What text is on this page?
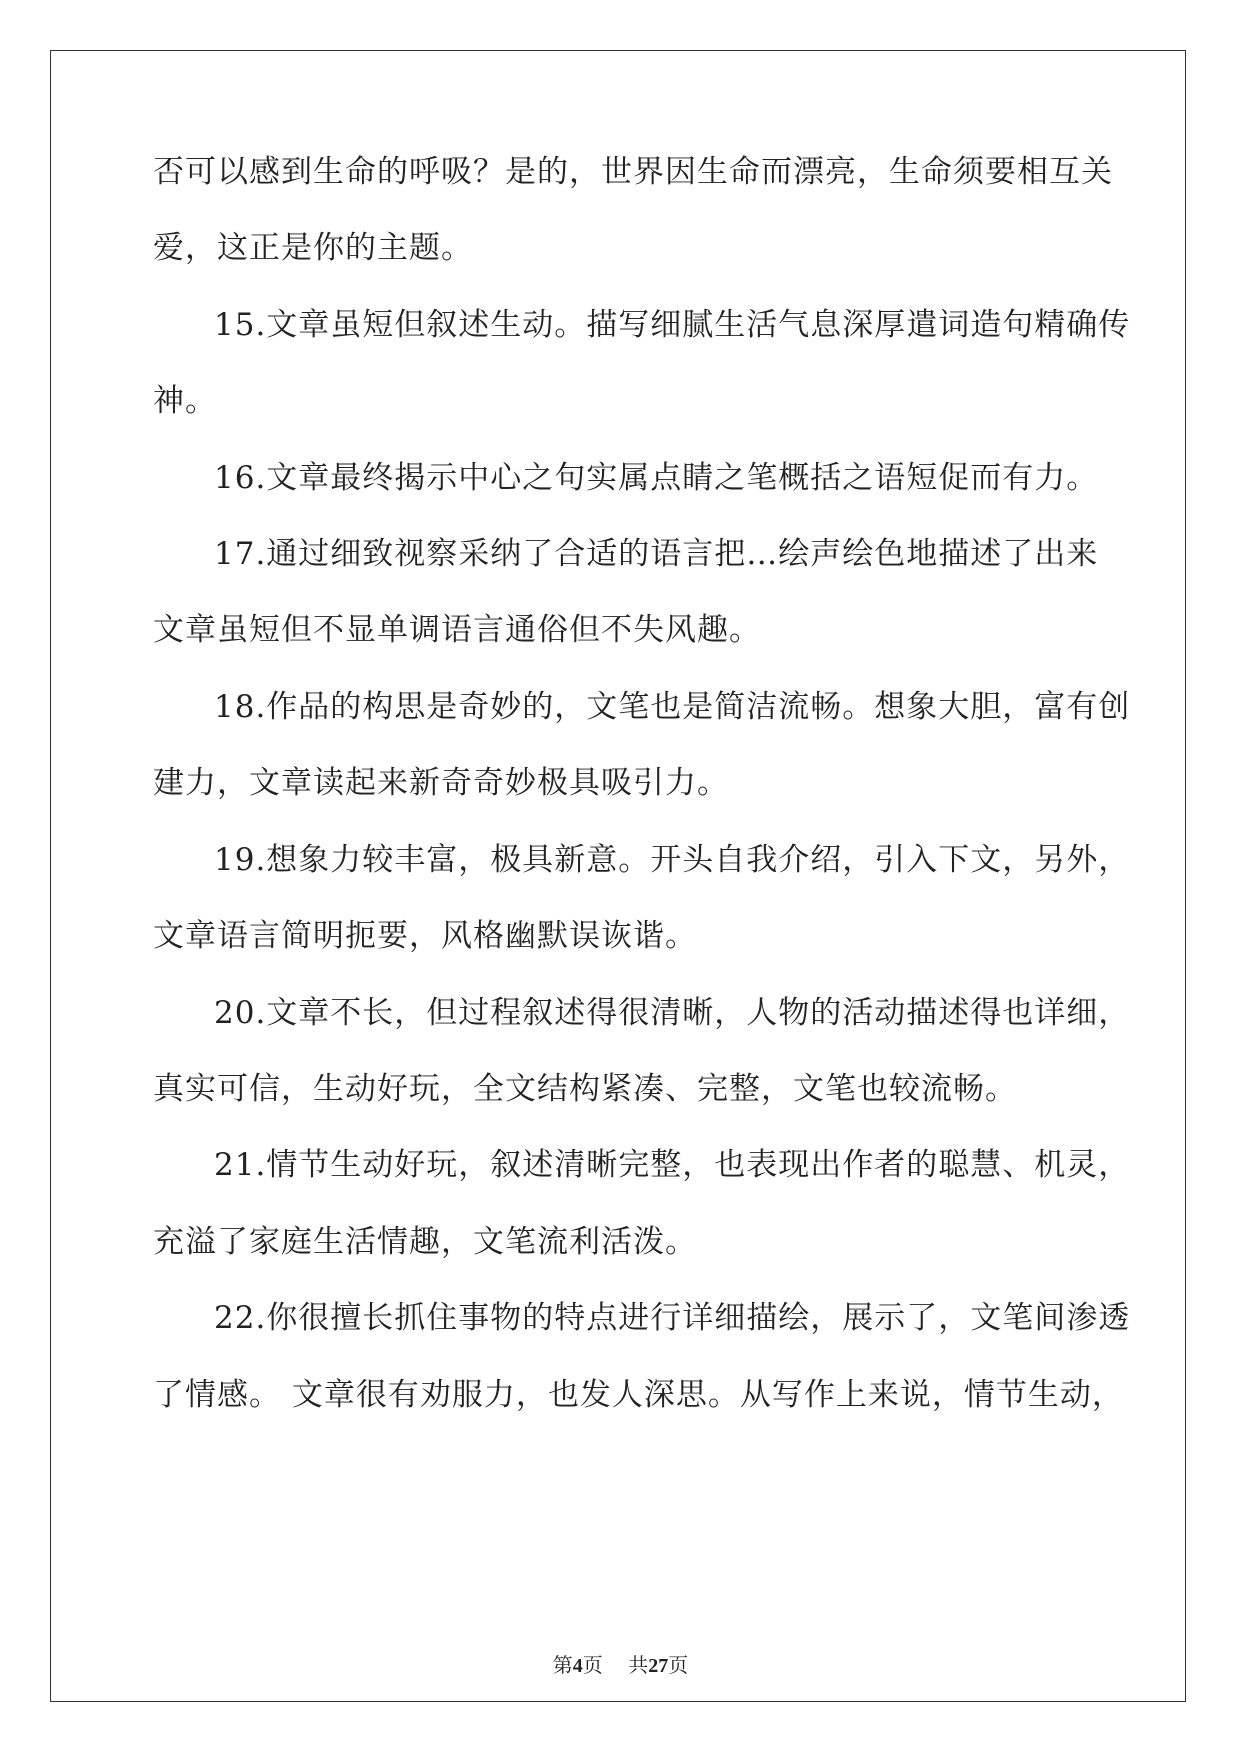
否可以感到生命的呼吸？是的，世界因生命而漂亮，生命须要相互关

爱，这正是你的主题。

15.文章虽短但叙述生动。描写细腻生活气息深厚遣词造句精确传

神。

16.文章最终揭示中心之句实属点睛之笔概括之语短促而有力。

17.通过细致视察采纳了合适的语言把…绘声绘色地描述了出来

文章虽短但不显单调语言通俗但不失风趣。

18.作品的构思是奇妙的，文笔也是简洁流畅。想象大胆，富有创

建力，文章读起来新奇奇妙极具吸引力。

19.想象力较丰富，极具新意。开头自我介绍，引入下文，另外，

文章语言简明扼要，风格幽默误诙谐。

20.文章不长，但过程叙述得很清晰，人物的活动描述得也详细，

真实可信，生动好玩，全文结构紧凑、完整，文笔也较流畅。

21.情节生动好玩，叙述清晰完整，也表现出作者的聪慧、机灵，

充溢了家庭生活情趣，文笔流利活泼。

22.你很擅长抓住事物的特点进行详细描绘，展示了，文笔间渗透

了情感。 文章很有劝服力，也发人深思。从写作上来说，情节生动，

第4页 共27页
